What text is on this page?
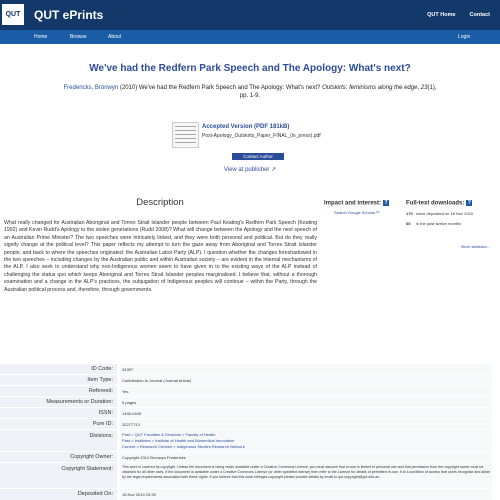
QUT	QUT ePrints	QUT Home	Contact
Home	Browse	About	Login
We've had the Redfern Park Speech and The Apology: What's next?
Fredericks, Bronwyn (2010) We've had the Redfern Park Speech and The Apology: What's next? Outskirts: feminisms along the edge, 23(1),
pp. 1-9.
Accepted Version (PDF 181kB)
Post-Apology_Outskirts_Paper_FINAL_(in_press).pdf
Contact Author
View at publisher ↗
Description
What really changed for Australian Aboriginal and Torres Strait Islander people between Paul Keating's Redfern Park Speech (Keating 1992) and Kevin Rudd's Apology to the stolen generations (Rudd 2008)? What will change between the Apology and the next speech of an Australian Prime Minister? The two speeches were intricately linked, and they were both personal and political. But do they really signify change at the political level? This paper reflects my attempt to turn the gaze away from Aboriginal and Torres Strait Islander people, and back to where the speeches originated: the Australian Labor Party (ALP). I question whether the changes foreshadowed in the two speeches – including changes by the Australian public and within Australian society – are evident in the internal mechanisms of the ALP. I also seek to understand why non-Indigenous women seem to have given in to the existing ways of the ALP instead of challenging the status quo which keeps Aboriginal and Torres Strait Islander peoples marginalised. I believe that, without a thorough examination and a change in the ALP's practices, the subjugation of Indigenous peoples will continue – within the Party, through the Australian political process and, therefore, through governments.
Impact and interest: ?
Search Google Scholar™
Full-text downloads: ?
170 since deposited on 18 Nov 2010
65 in the past twelve months
More statistics...
ID Code:	34397
Item Type:	Contribution to Journal (Journal Article)
Refereed:	Yes
Measurements or Duration:	9 pages
ISSN:	1445-0445
Pure ID:	32277713
Divisions:	Past > QUT Faculties & Divisions > Faculty of Health
Past > Institutes > Institute of Health and Biomedical Innovation
Current > Research Centres > Indigenous Studies Research Network
Copyright Owner:	Copyright 2010 Bronwyn Fredericks
Copyright Statement:	This work is covered by copyright. Unless the document is being made available under a Creative Commons Licence, you must assume that re-use is limited to personal use and that permission from the copyright owner must be obtained for all other uses. If the document is available under a Creative Commons License (or other specified license) then refer to the Licence for details of permitted re-use. It is a condition of access that users recognise and abide by the legal requirements associated with these rights. If you believe that this work infringes copyright please provide details by email to qut.copyright@qut.edu.au
Deposited On:	18 Nov 2010 23:30
